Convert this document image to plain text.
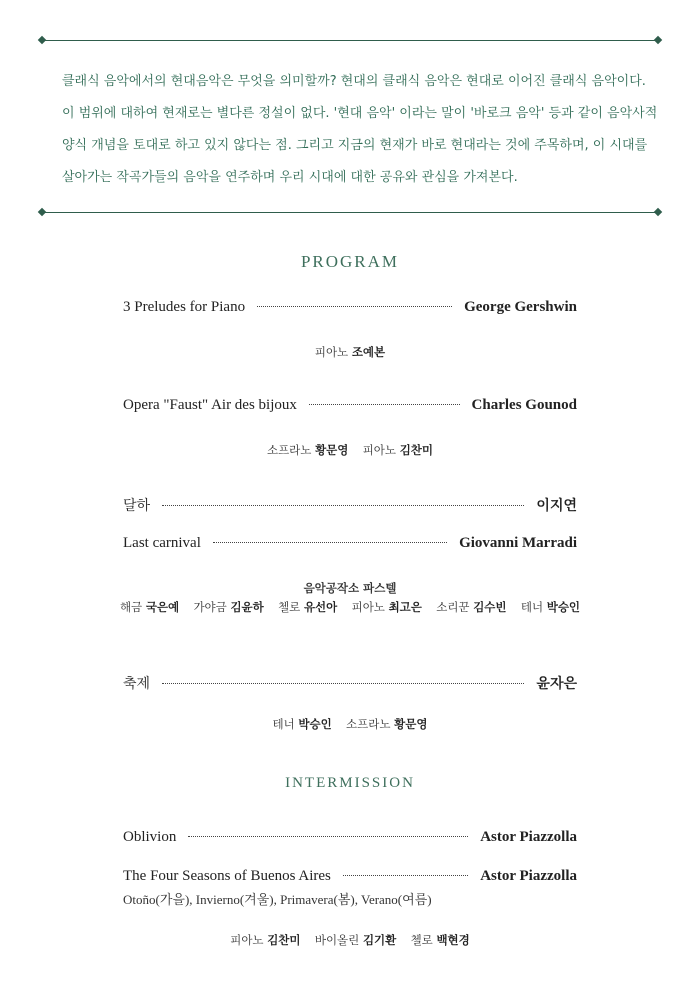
클래식 음악에서의 현대음악은 무엇을 의미할까? 현대의 클래식 음악은 현대로 이어진 클래식 음악이다.

이 범위에 대하여 현재로는 별다른 정설이 없다. '현대 음악' 이라는 말이 '바로크 음악' 등과 같이 음악사적

양식 개념을 토대로 하고 있지 않다는 점. 그리고 지금의 현재가 바로 현대라는 것에 주목하며, 이 시대를

살아가는 작곡가들의 음악을 연주하며 우리 시대에 대한 공유와 관심을 가져본다.

PROGRAM
3 Preludes for Piano	George Gershwin
피아노 조예본
Opera "Faust" Air des bijoux	Charles Gounod
소프라노 황문영 피아노 김찬미
달하	이지연
Last carnival	Giovanni Marradi
음악공작소 파스텔
해금 국은예 가야금 김윤하 첼로 유선아 피아노 최고은 소리꾼 김수빈 테너 박승인
축제	윤자은
테너 박승인 소프라노 황문영
INTERMISSION
Oblivion	Astor Piazzolla
The Four Seasons of Buenos Aires	Astor Piazzolla
Otoño(가을), Invierno(겨울), Primavera(봄), Verano(여름)
피아노 김찬미 바이올린 김기환 첼로 백현경
